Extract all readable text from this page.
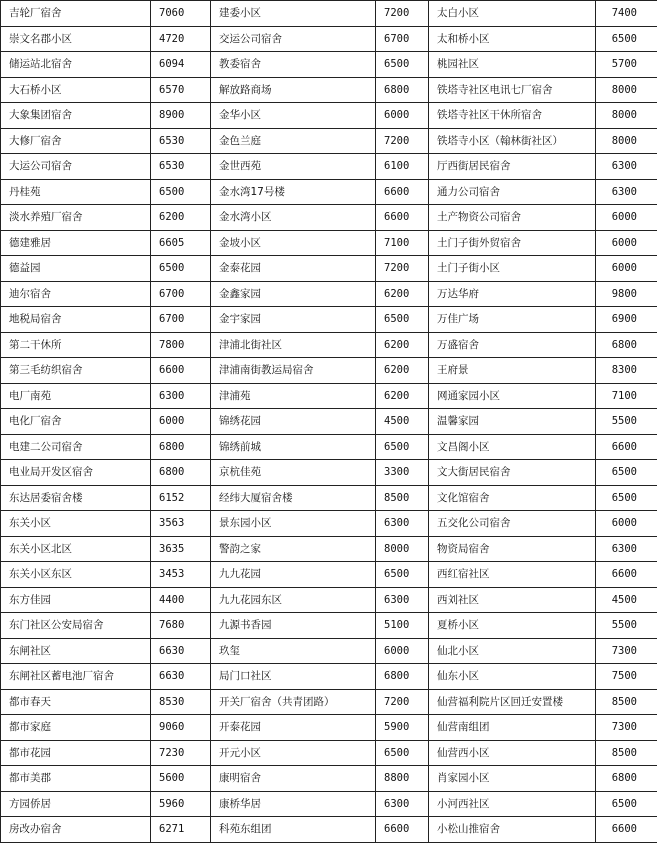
吉轮厂宿舍	7060	建委小区	7200	太白小区	7400
崇文名郡小区	4720	交运公司宿舍	6700	太和桥小区	6500
储运站北宿舍	6094	教委宿舍	6500	桃园社区	5700
大石桥小区	6570	解放路商场	6800	铁塔寺社区电讯七厂宿舍	8000
大象集团宿舍	8900	金华小区	6000	铁塔寺社区干休所宿舍	8000
大修厂宿舍	6530	金色兰庭	7200	铁塔寺小区（翰林街社区）	8000
大运公司宿舍	6530	金世西苑	6100	厅西街居民宿舍	6300
丹桂苑	6500	金水湾17号楼	6600	通力公司宿舍	6300
淡水养殖厂宿舍	6200	金水湾小区	6600	土产物资公司宿舍	6000
德建雅居	6605	金坡小区	7100	土门子街外贸宿舍	6000
德益园	6500	金泰花园	7200	土门子街小区	6000
迪尔宿舍	6700	金鑫家园	6200	万达华府	9800
地税局宿舍	6700	金宇家园	6500	万佳广场	6900
第二干休所	7800	津浦北街社区	6200	万盛宿舍	6800
第三毛纺织宿舍	6600	津浦南街教运局宿舍	6200	王府景	8300
电厂南苑	6300	津浦苑	6200	网通家园小区	7100
电化厂宿舍	6000	锦绣花园	4500	温馨家园	5500
电建二公司宿舍	6800	锦绣前城	6500	文昌阁小区	6600
电业局开发区宿舍	6800	京杭佳苑	3300	文大街居民宿舍	6500
东达居委宿舍楼	6152	经纬大厦宿舍楼	8500	文化馆宿舍	6500
东关小区	3563	景东园小区	6300	五交化公司宿舍	6000
东关小区北区	3635	警韵之家	8000	物资局宿舍	6300
东关小区东区	3453	九九花园	6500	西红宿社区	6600
东方佳园	4400	九九花园东区	6300	西刘社区	4500
东门社区公安局宿舍	7680	九源书香园	5100	夏桥小区	5500
东闸社区	6630	玖玺	6000	仙北小区	7300
东闸社区蓄电池厂宿舍	6630	局门口社区	6800	仙东小区	7500
都市春天	8530	开关厂宿舍（共青团路）	7200	仙营福利院片区回迁安置楼	8500
都市家庭	9060	开泰花园	5900	仙营南组团	7300
都市花园	7230	开元小区	6500	仙营西小区	8500
都市美郡	5600	康明宿舍	8800	肖家园小区	6800
方园侨居	5960	康桥华居	6300	小河西社区	6500
房改办宿舍	6271	科苑东组团	6600	小松山推宿舍	6600
